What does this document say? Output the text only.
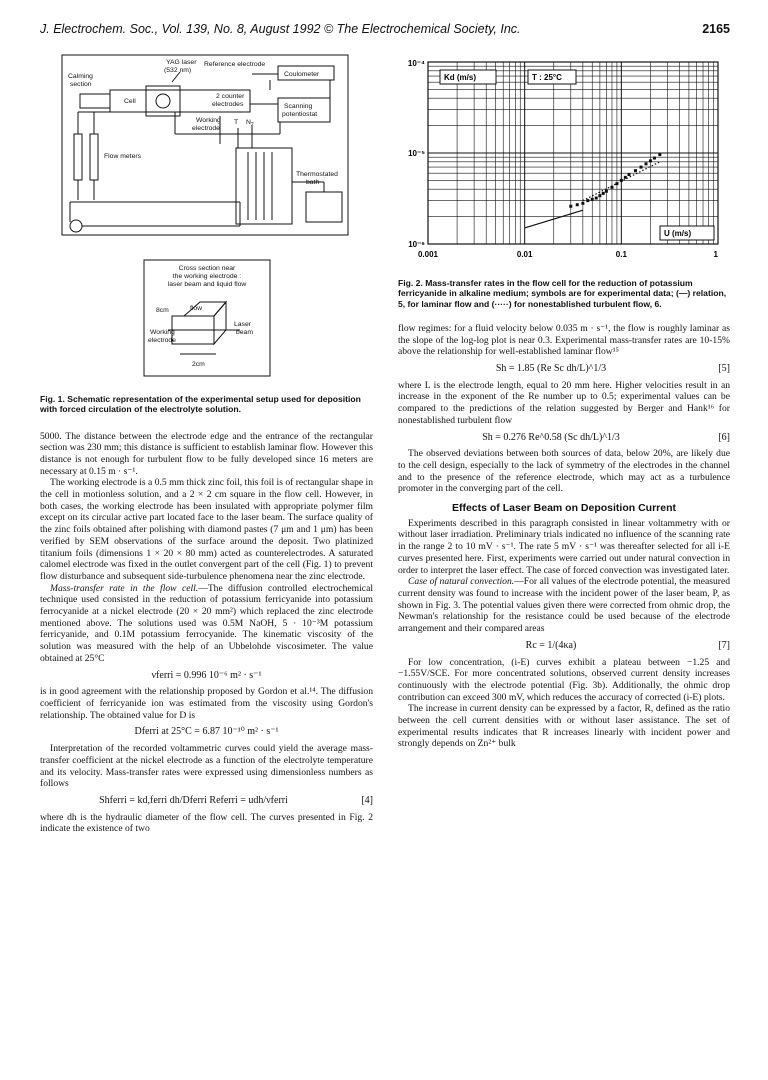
J. Electrochem. Soc., Vol. 139, No. 8, August 1992 © The Electrochemical Society, Inc.	2165
YAG laser
(532 nm)
Reference electrode
Coulometer
Calming
section
Cell
2 counter
electrodes	Scanning
potentiostat
Working
electrode
T $N_2$
Flow meters
Thermostated
bath
Cross section near
the working electrode :
laser beam and liquid flow
8cm	flow
Working
electrode
Laser
beam
2cm

Fig. 1. Schematic representation of the experimental setup used for deposition with forced circulation of the electrolyte solution.

5000. The distance between the electrode edge and the entrance of the rectangular section was 230 mm; this distance is sufficient to establish laminar flow. However this distance is not enough for turbulent flow to be fully developed since 16 meters are necessary at 0.15 m · s⁻¹.

The working electrode is a 0.5 mm thick zinc foil, this foil is of rectangular shape in the cell in motionless solution, and a 2 × 2 cm square in the flow cell. However, in both cases, the working electrode has been insulated with appropriate polymer film except on its circular active part located face to the laser beam. The surface quality of the zinc foils obtained after polishing with diamond pastes (7 μm and 1 μm) has been verified by SEM observations of the surface around the deposit. Two platinized titanium foils (dimensions 1 × 20 × 80 mm) acted as counterelectrodes. A saturated calomel electrode was fixed in the outlet convergent part of the cell (Fig. 1) to prevent flow disturbance and subsequent side-turbulence phenomena near the zinc electrode.

Mass-transfer rate in the flow cell.—The diffusion controlled electrochemical technique used consisted in the reduction of potassium ferricyanide into potassium ferrocyanide at a nickel electrode (20 × 20 mm²) which replaced the zinc electrode mentioned above. The solutions used was 0.5M NaOH, 5 · 10⁻³M potassium ferricyanide, and 0.1M potassium ferrocyanide. The kinematic viscosity of the solution was measured with the help of an Ubbelohde viscosimeter. The value obtained at 25°C

νferri = 0.996 10⁻⁶ m² · s⁻¹

is in good agreement with the relationship proposed by Gordon et al.¹⁴. The diffusion coefficient of ferricyanide ion was estimated from the viscosity using Gordon's relationship. The obtained value for D is

Dferri at 25°C = 6.87 10⁻¹⁰ m² · s⁻¹

Interpretation of the recorded voltammetric curves could yield the average mass-transfer coefficient at the nickel electrode as a function of the electrolyte temperature and its velocity. Mass-transfer rates were expressed using dimensionless numbers as follows

Shferri = kd,ferri dh/Dferri Referri = udh/νferri	[4]

where dh is the hydraulic diameter of the flow cell. The curves presented in Fig. 2 indicate the existence of two

10⁻⁴
10⁻⁵
10⁻⁶
0.001	0.01	0.1	1
Kd (m/s)	T : 25°C
U (m/s)

Fig. 2. Mass-transfer rates in the flow cell for the reduction of potassium ferricyanide in alkaline medium; symbols are for experimental data; (—) relation, 5, for laminar flow and (·····) for nonestablished turbulent flow, 6.

flow regimes: for a fluid velocity below 0.035 m · s⁻¹, the flow is roughly laminar as the slope of the log-log plot is near 0.3. Experimental mass-transfer rates are 10-15% above the relationship for well-established laminar flow¹⁵

Sh = 1.85 (Re Sc dh/L)^1/3	[5]

where L is the electrode length, equal to 20 mm here. Higher velocities result in an increase in the exponent of the Re number up to 0.5; experimental values can be compared to the predictions of the relation suggested by Berger and Hank¹⁶ for nonestablished turbulent flow

Sh = 0.276 Re^0.58 (Sc dh/L)^1/3	[6]

The observed deviations between both sources of data, below 20%, are likely due to the cell design, especially to the lack of symmetry of the electrodes in the channel and to the presence of the reference electrode, which may act as a turbulence promoter in the converging part of the cell.

Effects of Laser Beam on Deposition Current

Experiments described in this paragraph consisted in linear voltammetry with or without laser irradiation. Preliminary trials indicated no influence of the scanning rate in the range 2 to 10 mV · s⁻¹. The rate 5 mV · s⁻¹ was thereafter selected for all i-E curves presented here. First, experiments were carried out under natural convection in order to interpret the laser effect. The case of forced convection was investigated later.

Case of natural convection.—For all values of the electrode potential, the measured current density was found to increase with the incident power of the laser beam, P, as shown in Fig. 3. The potential values given there were corrected from ohmic drop, the Newman's relationship for the resistance could be used because of the electrode arrangement and their compared areas

Rc = 1/(4κa)	[7]

For low concentration, (i-E) curves exhibit a plateau between −1.25 and −1.55V/SCE. For more concentrated solutions, observed current density increases continuously with the electrode potential (Fig. 3b). Additionally, the ohmic drop contribution can exceed 300 mV, which reduces the accuracy of corrected (i-E) plots.

The increase in current density can be expressed by a factor, R, defined as the ratio between the cell current densities with or without laser assistance. The set of experimental results indicates that R increases linearly with incident power and strongly depends on Zn²⁺ bulk
